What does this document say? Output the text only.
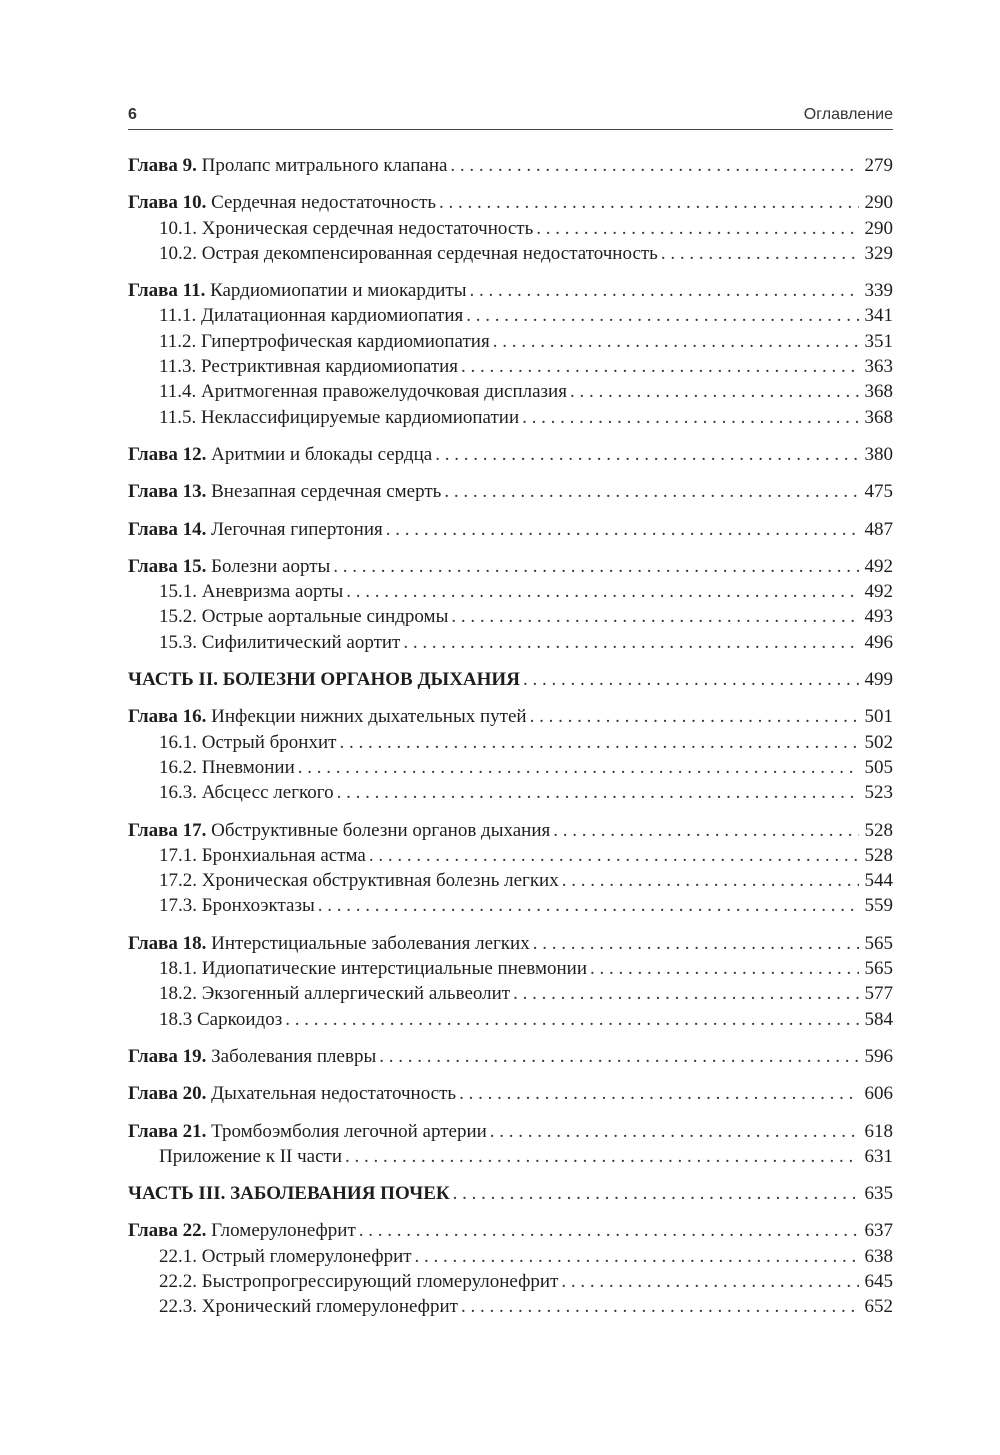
6	Оглавление
Глава 9. Пролапс митрального клапана . . .	279
Глава 10. Сердечная недостаточность . . .	290
10.1. Хроническая сердечная недостаточность . . .	290
10.2. Острая декомпенсированная сердечная недостаточность . . .	329
Глава 11. Кардиомиопатии и миокардиты . . .	339
11.1. Дилатационная кардиомиопатия . . .	341
11.2. Гипертрофическая кардиомиопатия . . .	351
11.3. Рестриктивная кардиомиопатия . . .	363
11.4. Аритмогенная правожелудочковая дисплазия . . .	368
11.5. Неклассифицируемые кардиомиопатии . . .	368
Глава 12. Аритмии и блокады сердца . . .	380
Глава 13. Внезапная сердечная смерть . . .	475
Глава 14. Легочная гипертония . . .	487
Глава 15. Болезни аорты . . .	492
15.1. Аневризма аорты . . .	492
15.2. Острые аортальные синдромы . . .	493
15.3. Сифилитический аортит . . .	496
ЧАСТЬ II. БОЛЕЗНИ ОРГАНОВ ДЫХАНИЯ . . .	499
Глава 16. Инфекции нижних дыхательных путей . . .	501
16.1. Острый бронхит . . .	502
16.2. Пневмонии . . .	505
16.3. Абсцесс легкого . . .	523
Глава 17. Обструктивные болезни органов дыхания . . .	528
17.1. Бронхиальная астма . . .	528
17.2. Хроническая обструктивная болезнь легких . . .	544
17.3. Бронхоэктазы . . .	559
Глава 18. Интерстициальные заболевания легких . . .	565
18.1. Идиопатические интерстициальные пневмонии . . .	565
18.2. Экзогенный аллергический альвеолит . . .	577
18.3 Саркоидоз . . .	584
Глава 19. Заболевания плевры . . .	596
Глава 20. Дыхательная недостаточность . . .	606
Глава 21. Тромбоэмболия легочной артерии . . .	618
Приложение к II части . . .	631
ЧАСТЬ III. ЗАБОЛЕВАНИЯ ПОЧЕК . . .	635
Глава 22. Гломерулонефрит . . .	637
22.1. Острый гломерулонефрит . . .	638
22.2. Быстропрогрессирующий гломерулонефрит . . .	645
22.3. Хронический гломерулонефрит . . .	652
